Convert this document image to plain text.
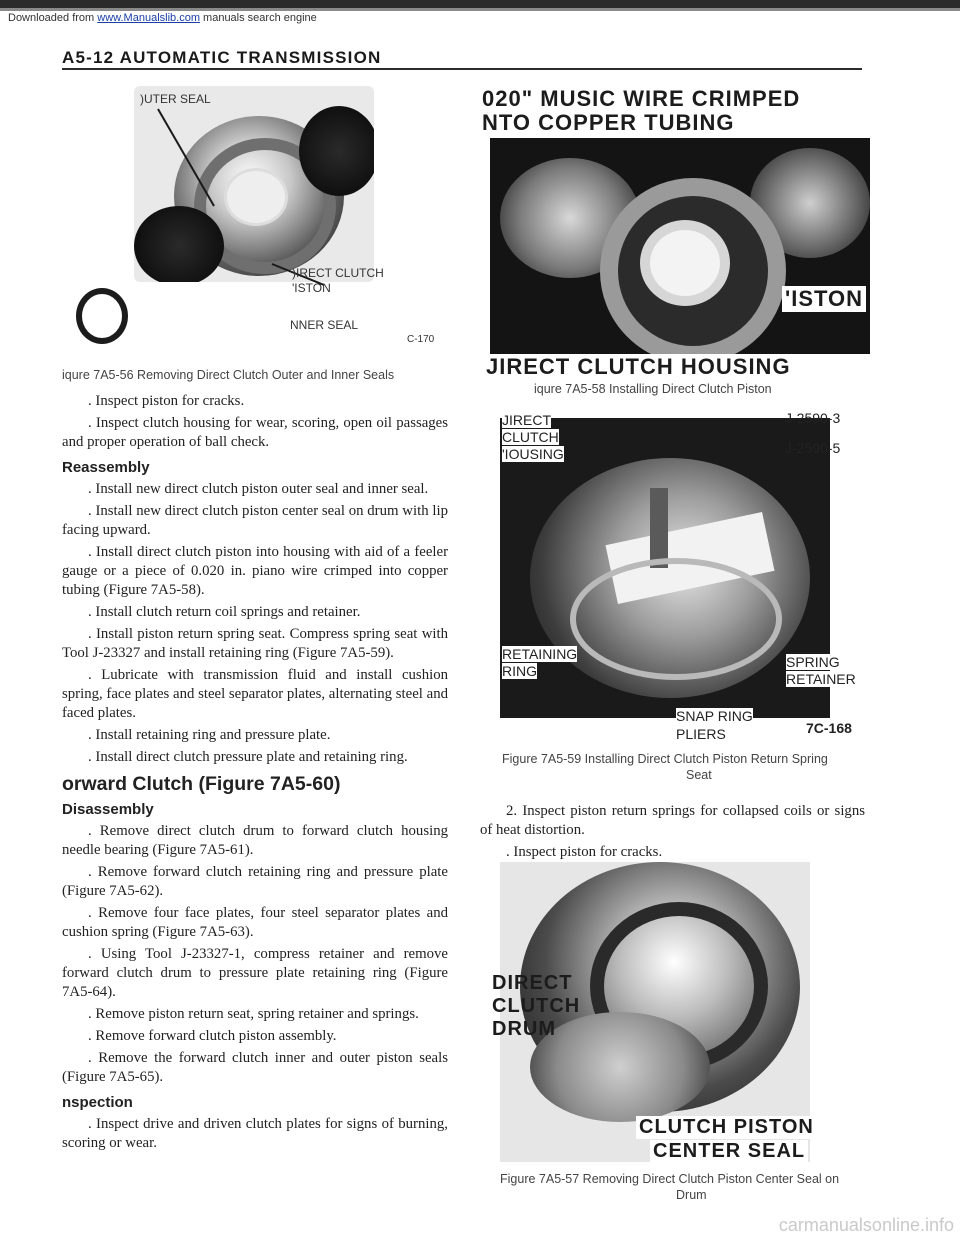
Downloaded from www.Manualslib.com manuals search engine
A5-12 AUTOMATIC TRANSMISSION
)UTER SEAL
)IRECT CLUTCH
'ISTON
NNER SEAL
C-170
iqure 7A5-56 Removing Direct Clutch Outer and Inner Seals

. Inspect piston for cracks.

. Inspect clutch housing for wear, scoring, open oil passages and proper operation of ball check.

Reassembly

. Install new direct clutch piston outer seal and inner seal.

. Install new direct clutch piston center seal on drum with lip facing upward.

. Install direct clutch piston into housing with aid of a feeler gauge or a piece of 0.020 in. piano wire crimped into copper tubing (Figure 7A5-58).

. Install clutch return coil springs and retainer.

. Install piston return spring seat. Compress spring seat with Tool J-23327 and install retaining ring (Figure 7A5-59).

. Lubricate with transmission fluid and install cushion spring, face plates and steel separator plates, alternating steel and faced plates.

. Install retaining ring and pressure plate.

. Install direct clutch pressure plate and retaining ring.

orward Clutch (Figure 7A5-60)
Disassembly

. Remove direct clutch drum to forward clutch housing needle bearing (Figure 7A5-61).

. Remove forward clutch retaining ring and pressure plate (Figure 7A5-62).

. Remove four face plates, four steel separator plates and cushion spring (Figure 7A5-63).

. Using Tool J-23327-1, compress retainer and remove forward clutch drum to pressure plate retaining ring (Figure 7A5-64).

. Remove piston return seat, spring retainer and springs.

. Remove forward clutch piston assembly.

. Remove the forward clutch inner and outer piston seals (Figure 7A5-65).

nspection

. Inspect drive and driven clutch plates for signs of burning, scoring or wear.

020" MUSIC WIRE CRIMPED
NTO COPPER TUBING
'ISTON
JIRECT CLUTCH HOUSING
iqure 7A5-58 Installing Direct Clutch Piston
JIRECT
CLUTCH
'IOUSING
J-2590-3
J-2590-5
RETAINING
RING
SPRING
RETAINER
SNAP RING
PLIERS	7C-168
Figure 7A5-59 Installing Direct Clutch Piston Return Spring
Seat

2. Inspect piston return springs for collapsed coils or signs of heat distortion.

. Inspect piston for cracks.

DIRECT
CLUTCH
DRUM
CLUTCH PISTON
CENTER SEAL
Figure 7A5-57 Removing Direct Clutch Piston Center Seal on
Drum
carmanualsonline.info
